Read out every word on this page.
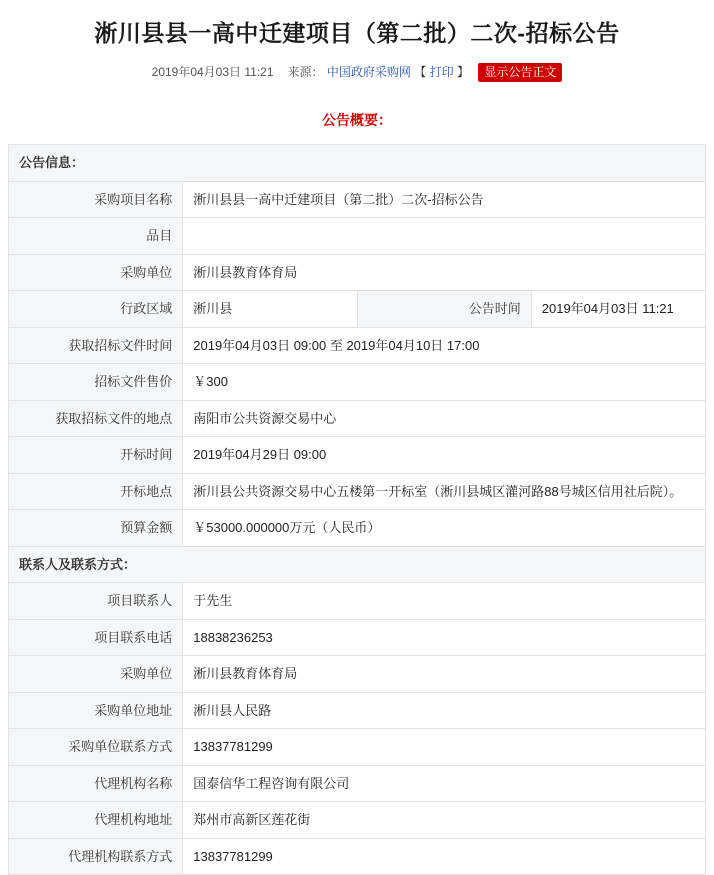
淅川县县一高中迁建项目（第二批）二次-招标公告
2019年04月03日 11:21 来源： 中国政府采购网 【 打印 】 显示公告正文
公告概要：
公告信息：			
采购项目名称	淅川县县一高中迁建项目（第二批）二次-招标公告		
品目			
采购单位	淅川县教育体育局		
行政区域	淅川县	公告时间	2019年04月03日 11:21
获取招标文件时间	2019年04月03日 09:00 至 2019年04月10日 17:00		
招标文件售价	￥300		
获取招标文件的地点	南阳市公共资源交易中心		
开标时间	2019年04月29日 09:00		
开标地点	淅川县公共资源交易中心五楼第一开标室（淅川县城区灌河路88号城区信用社后院）。		
预算金额	￥53000.000000万元（人民币）		
联系人及联系方式：			
项目联系人	于先生		
项目联系电话	18838236253		
采购单位	淅川县教育体育局		
采购单位地址	淅川县人民路		
采购单位联系方式	13837781299		
代理机构名称	国泰信华工程咨询有限公司		
代理机构地址	郑州市高新区莲花街		
代理机构联系方式	13837781299		
